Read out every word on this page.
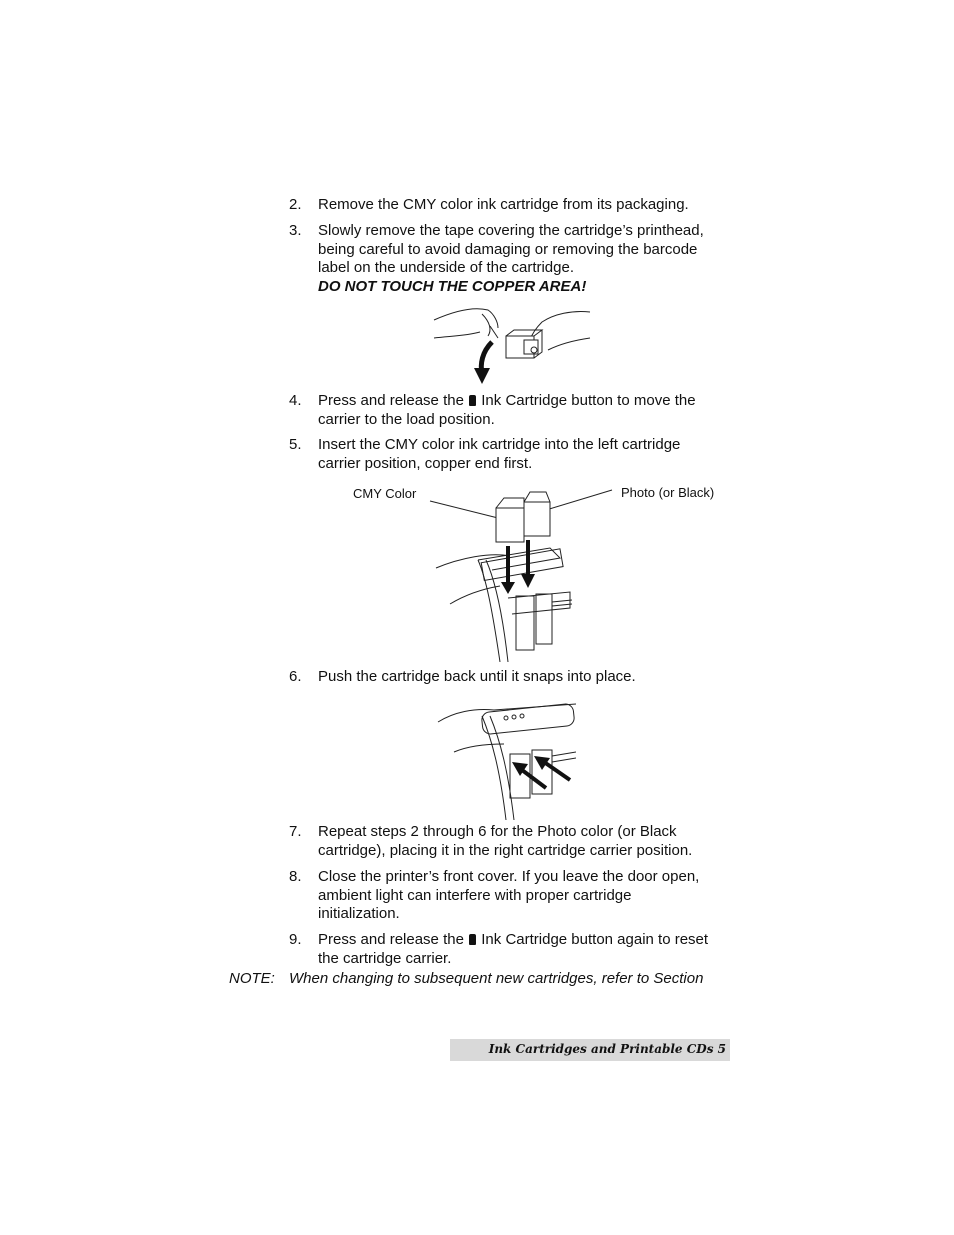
2. Remove the CMY color ink cartridge from its packaging.
3. Slowly remove the tape covering the cartridge’s printhead,
being careful to avoid damaging or removing the barcode
label on the underside of the cartridge.
DO NOT TOUCH THE COPPER AREA!
4. Press and release the Ink Cartridge button to move the
carrier to the load position.
5. Insert the CMY color ink cartridge into the left cartridge
carrier position, copper end first.
CMY Color	Photo (or Black)
6. Push the cartridge back until it snaps into place.
7. Repeat steps 2 through 6 for the Photo color (or Black
cartridge), placing it in the right cartridge carrier position.
8. Close the printer’s front cover. If you leave the door open,
ambient light can interfere with proper cartridge
initialization.
9. Press and release the Ink Cartridge button again to reset
the cartridge carrier.
NOTE: When changing to subsequent new cartridges, refer to Section
Ink Cartridges and Printable CDs 5
